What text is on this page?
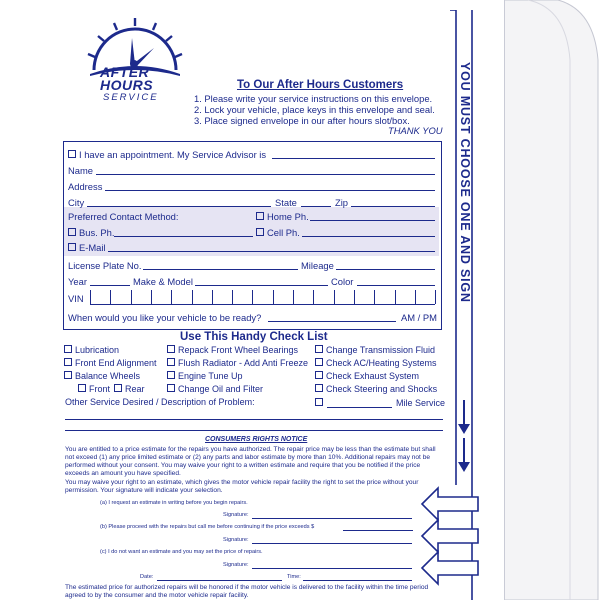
AFTER
HOURS
SERVICE
To Our After Hours Customers
1. Please write your service instructions on this envelope.
2. Lock your vehicle, place keys in this envelope and seal.
3. Place signed envelope in our after hours slot/box.
THANK YOU
I have an appointment. My Service Advisor is
Name
Address
City	State	Zip
Preferred Contact Method:	Home Ph.
Bus. Ph.	Cell Ph.
E-Mail
License Plate No.	Mileage
Year	Make & Model	Color
VIN
When would you like your vehicle to be ready?	AM / PM
Use This Handy Check List
Lubrication
Front End Alignment
Balance Wheels
Front	Rear
Repack Front Wheel Bearings
Flush Radiator - Add Anti Freeze
Engine Tune Up
Change Oil and Filter
Change Transmission Fluid
Check AC/Heating Systems
Check Exhaust System
Check Steering and Shocks
Other Service Desired / Description of Problem:	Mile Service
CONSUMERS RIGHTS NOTICE
You are entitled to a price estimate for the repairs you have authorized. The repair price may be less than the estimate but shall not exceed (1) any price limited estimate or (2) any parts and labor estimate by more than 10%. Additional repairs may not be performed without your consent. You may waive your right to a written estimate and require that you be notified if the price exceeds an amount you have specified.
You may waive your right to an estimate, which gives the motor vehicle repair facility the right to set the price without your permission. Your signature will indicate your selection.
(a) I request an estimate in writing before you begin repairs.
Signature:
(b) Please proceed with the repairs but call me before continuing if the price exceeds $
Signature:
(c) I do not want an estimate and you may set the price of repairs.
Signature:
Date:	Time:
The estimated price for authorized repairs will be honored if the motor vehicle is delivered to the facility within the time period agreed to by the consumer and the motor vehicle repair facility.
YOU MUST CHOOSE ONE AND SIGN
